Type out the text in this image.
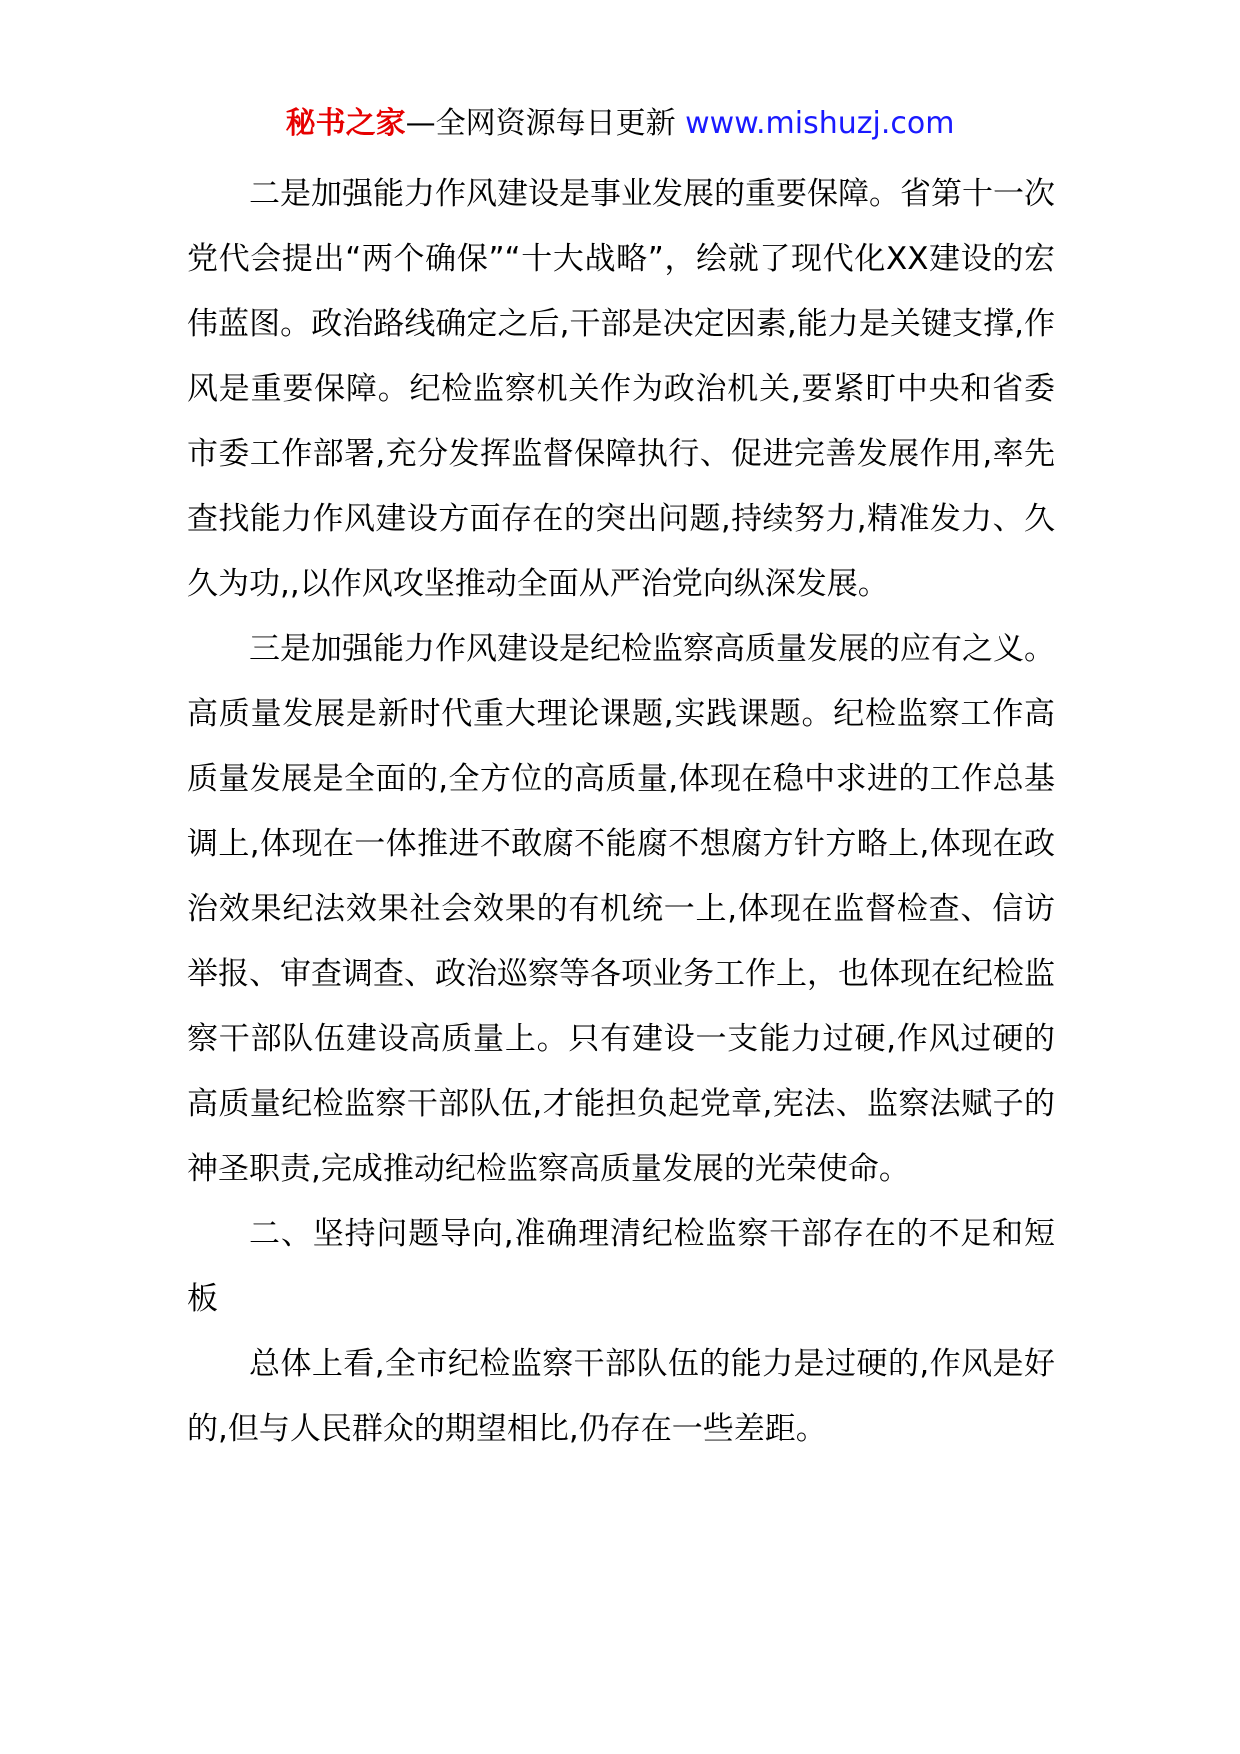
秘书之家—全网资源每日更新 www.mishuzj.com

二是加强能力作风建设是事业发展的重要保障。省第十一次党代会提出“两个确保”“十大战略”，绘就了现代化XX建设的宏伟蓝图。政治路线确定之后,干部是决定因素,能力是关键支撑,作风是重要保障。纪检监察机关作为政治机关,要紧盯中央和省委市委工作部署,充分发挥监督保障执行、促进完善发展作用,率先查找能力作风建设方面存在的突出问题,持续努力,精准发力、久久为功,,以作风攻坚推动全面从严治党向纵深发展。

三是加强能力作风建设是纪检监察高质量发展的应有之义。高质量发展是新时代重大理论课题,实践课题。纪检监察工作高质量发展是全面的,全方位的高质量,体现在稳中求进的工作总基调上,体现在一体推进不敢腐不能腐不想腐方针方略上,体现在政治效果纪法效果社会效果的有机统一上,体现在监督检查、信访举报、审查调查、政治巡察等各项业务工作上，也体现在纪检监察干部队伍建设高质量上。只有建设一支能力过硬,作风过硬的高质量纪检监察干部队伍,才能担负起党章,宪法、监察法赋子的神圣职责,完成推动纪检监察高质量发展的光荣使命。

二、坚持问题导向,准确理清纪检监察干部存在的不足和短板

总体上看,全市纪检监察干部队伍的能力是过硬的,作风是好的,但与人民群众的期望相比,仍存在一些差距。
